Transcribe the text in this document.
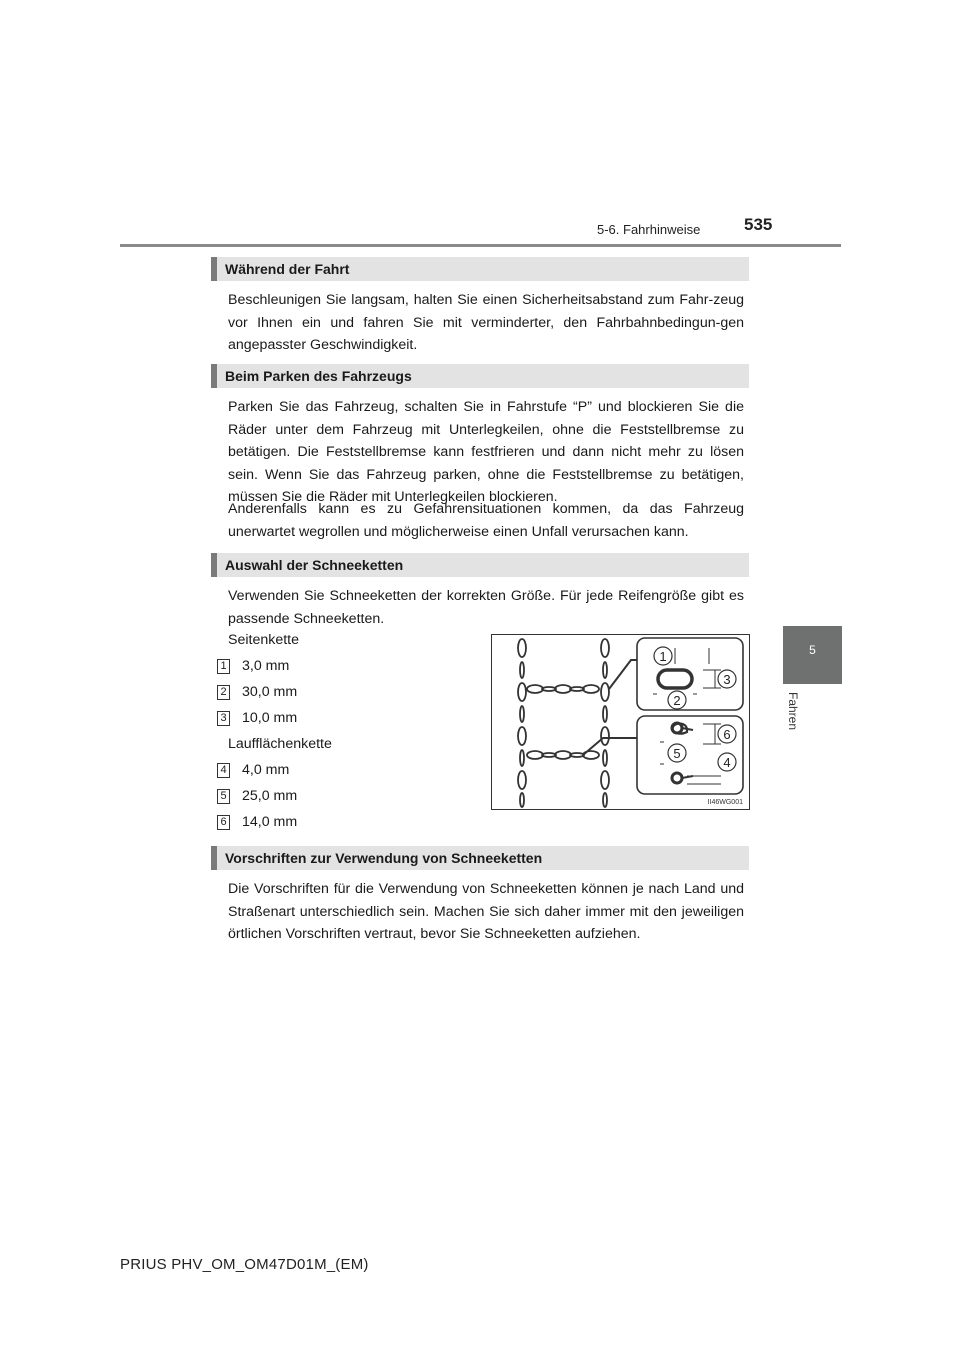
5-6. Fahrhinweise	535
5
Fahren
Während der Fahrt
Beschleunigen Sie langsam, halten Sie einen Sicherheitsabstand zum Fahr-zeug vor Ihnen ein und fahren Sie mit verminderter, den Fahrbahnbedingun-gen angepasster Geschwindigkeit.
Beim Parken des Fahrzeugs
Parken Sie das Fahrzeug, schalten Sie in Fahrstufe “P” und blockieren Sie die Räder unter dem Fahrzeug mit Unterlegkeilen, ohne die Feststellbremse zu betätigen. Die Feststellbremse kann festfrieren und dann nicht mehr zu lösen sein. Wenn Sie das Fahrzeug parken, ohne die Feststellbremse zu betätigen, müssen Sie die Räder mit Unterlegkeilen blockieren.
Anderenfalls kann es zu Gefahrensituationen kommen, da das Fahrzeug unerwartet wegrollen und möglicherweise einen Unfall verursachen kann.
Auswahl der Schneeketten
Verwenden Sie Schneeketten der korrekten Größe. Für jede Reifengröße gibt es passende Schneeketten.
Seitenkette
1 3,0 mm
2 30,0 mm
3 10,0 mm
Laufflächenkette
4 4,0 mm
5 25,0 mm
6 14,0 mm
1
2
3
6
5
4
II46WG001
Vorschriften zur Verwendung von Schneeketten
Die Vorschriften für die Verwendung von Schneeketten können je nach Land und Straßenart unterschiedlich sein. Machen Sie sich daher immer mit den jeweiligen örtlichen Vorschriften vertraut, bevor Sie Schneeketten aufziehen.
PRIUS PHV_OM_OM47D01M_(EM)
